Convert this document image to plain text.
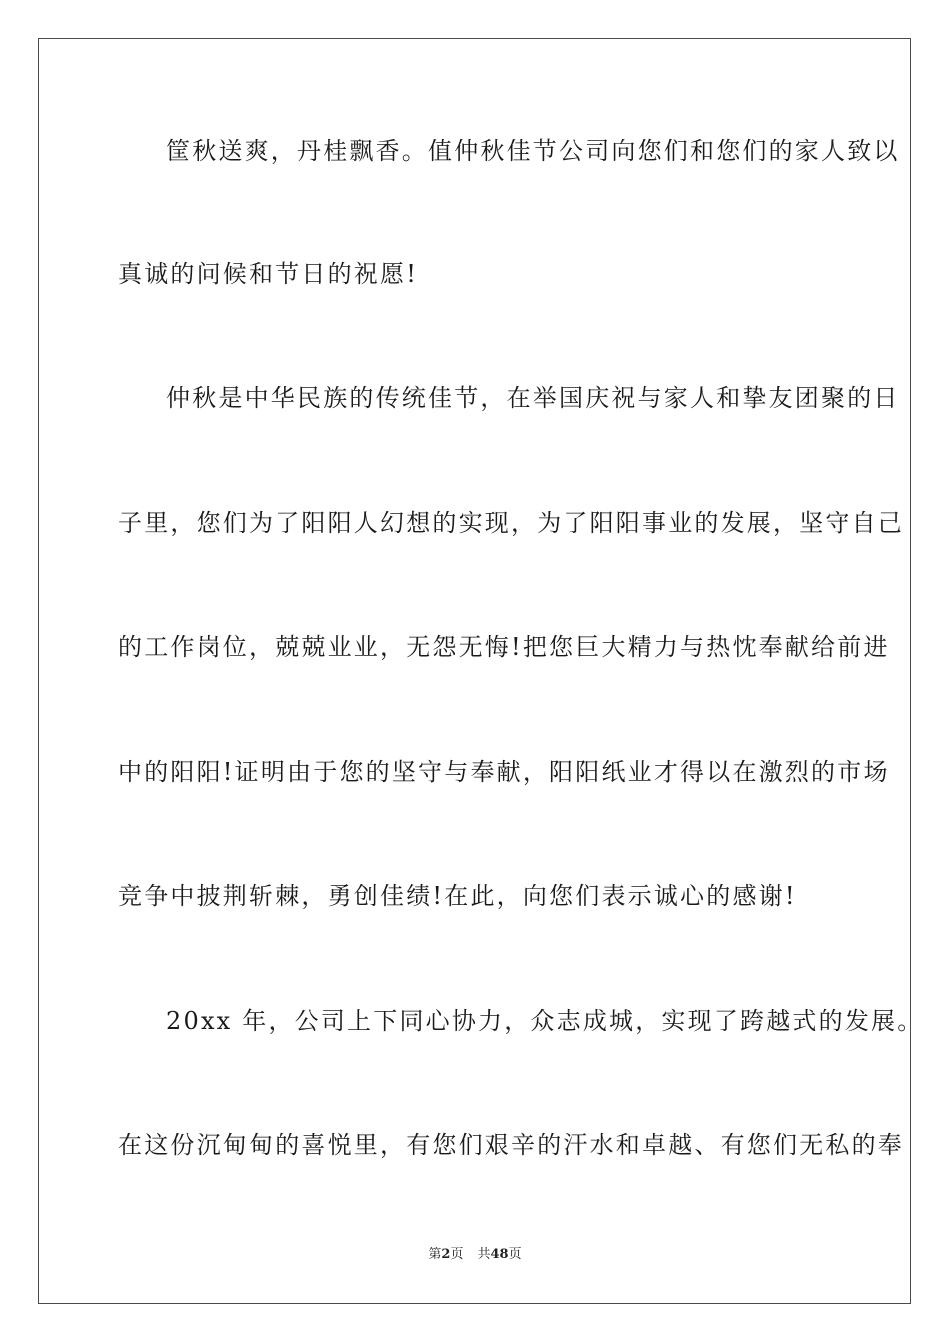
筐秋送爽，丹桂飘香。值仲秋佳节公司向您们和您们的家人致以
真诚的问候和节日的祝愿!
仲秋是中华民族的传统佳节，在举国庆祝与家人和挚友团聚的日
子里，您们为了阳阳人幻想的实现，为了阳阳事业的发展，坚守自己
的工作岗位，兢兢业业，无怨无悔!把您巨大精力与热忱奉献给前进
中的阳阳!证明由于您的坚守与奉献，阳阳纸业才得以在激烈的市场
竞争中披荆斩棘，勇创佳绩!在此，向您们表示诚心的感谢!
20xx 年，公司上下同心协力，众志成城，实现了跨越式的发展。
在这份沉甸甸的喜悦里，有您们艰辛的汗水和卓越、有您们无私的奉
第2页 共48页
